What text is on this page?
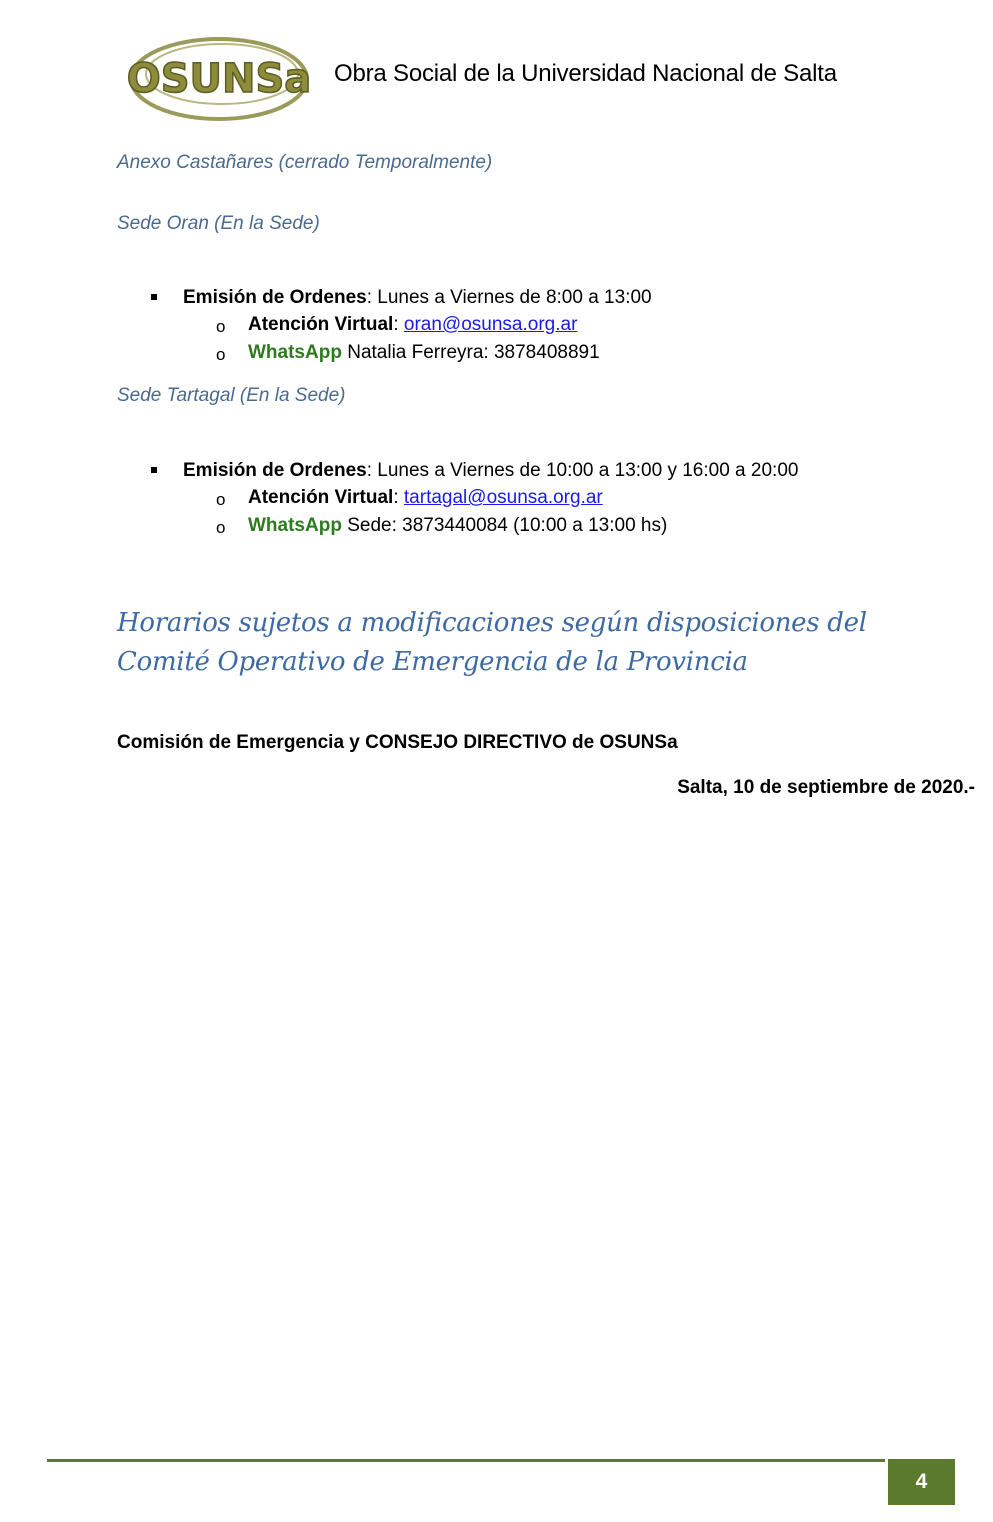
OSUNSa Obra Social de la Universidad Nacional de Salta
Anexo Castañares (cerrado Temporalmente)
Sede Oran (En la Sede)
Emisión de Ordenes: Lunes a Viernes de 8:00 a 13:00
o Atención Virtual: oran@osunsa.org.ar
o WhatsApp Natalia Ferreyra: 3878408891
Sede Tartagal (En la Sede)
Emisión de Ordenes: Lunes a Viernes de 10:00 a 13:00 y 16:00 a 20:00
o Atención Virtual: tartagal@osunsa.org.ar
o WhatsApp Sede: 3873440084 (10:00 a 13:00 hs)
Horarios sujetos a modificaciones según disposiciones del Comité Operativo de Emergencia de la Provincia
Comisión de Emergencia y CONSEJO DIRECTIVO de OSUNSa
Salta, 10 de septiembre de 2020.-
4
